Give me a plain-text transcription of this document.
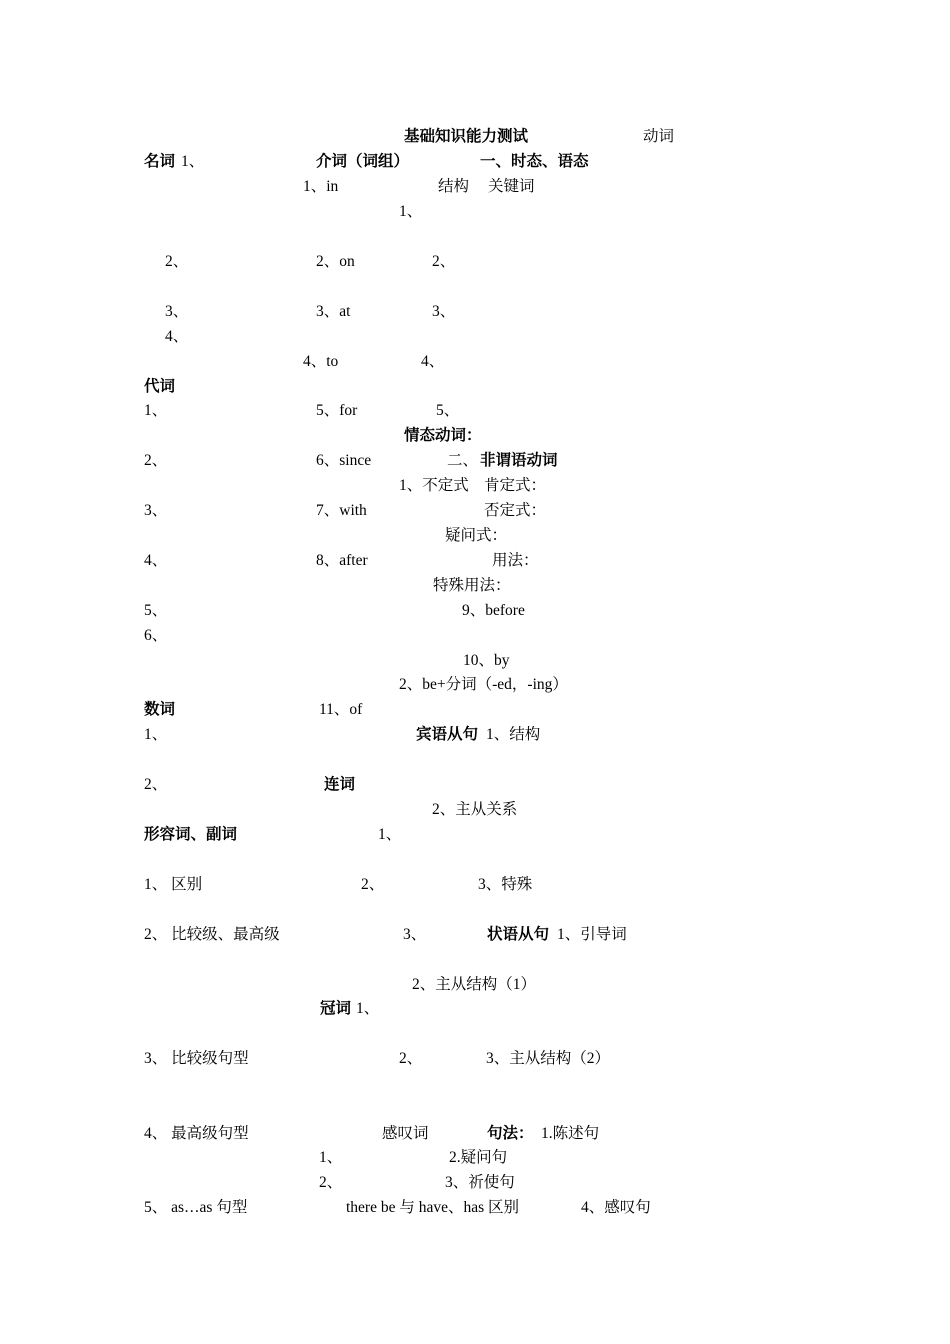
基础知识能力测试	动词
名词 1、	介词（词组）	一、时态、语态
1、in	结构 关键词
1、
2、	2、on	2、
3、	3、at	3、
4、
4、to	4、
代词
1、	5、for	5、
情态动词：
2、	6、since	二、 非谓语动词
1、不定式 肯定式：
3、	7、with	否定式：
疑问式：
4、	8、after	用法：
特殊用法：
5、	9、before
6、
10、by
2、be+分词（-ed，-ing）
数词	11、of
1、	宾语从句 1、结构
2、	连词
2、主从关系
形容词、副词	1、
1、 区别	2、	3、特殊
2、 比较级、最高级	3、	状语从句 1、引导词
2、主从结构（1）
冠词 1、
3、 比较级句型	2、	3、主从结构（2）
4、 最高级句型	感叹词	句法： 1.陈述句
1、	2.疑问句
2、	3、祈使句
5、 as…as 句型	there be 与 have、has 区别	4、感叹句
